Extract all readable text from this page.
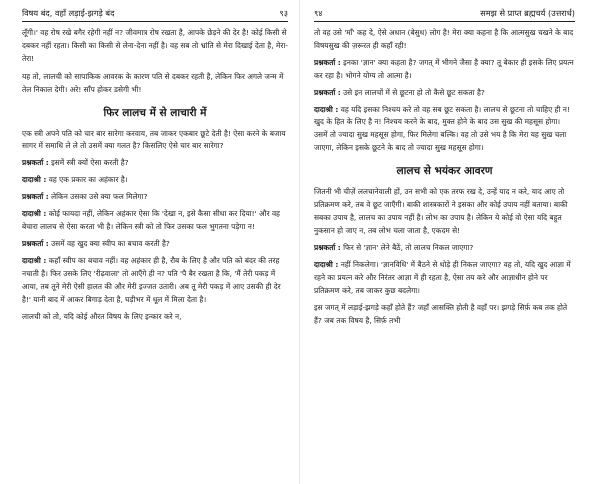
विषय बंद, वहाँ लड़ाई-झगड़े बंद	९३

लूँगी।' वह रोष रखे बगैर रहेगी नहीं न? जीवमात्र रोष रखता है, आपके छेड़ने की देर है! कोई किसी से दबकर नहीं रहता। किसी का किसी से लेना-देना नहीं है। वह सब तो भ्रांति से मेरा दिखाई देता है, मेरा-तेरा!

यह तो, लालची को सापाकिक आवरक के कारण पति से दबकर रहती है, लेकिन फिर अगले जन्म में तेल निकाल देगी। अरे! साँप होकर डसेगी भी!

फिर लालच में से लाचारी में

एक स्त्री अपने पति को चार बार सारेगा करवाय, तब जाकर एकबार छूटे देती है! ऐसा करने के बजाय सागर में समाधि ले ले तो उसमें क्या गलत है? किसलिए ऐसे चार बार सारेगा?

प्रश्नकर्ता : इसमें स्त्री क्यों ऐसा करती है?

दादाश्री : वह एक प्रकार का अहंकार है।

प्रश्नकर्ता : लेकिन उसका उसे क्या फल मिलेगा?

दादाश्री : कोई फायदा नहीं, लेकिन अहंकार ऐसा कि 'देखा न, इसे कैसा सीधा कर दिया!' और वह बेचारा लालच से ऐसा करता भी है। लेकिन स्त्री को तो फिर उसका फल भुगतना पड़ेगा न!

प्रश्नकर्ता : उसमें वह खुद क्या स्वीप का बचाव करती है?

दादाश्री : कहाँ स्वीप का बचाव नहीं। वह अहंकार ही है, रौब के लिए है और पति को बंदर की तरह नचाती है। फिर उसके लिए 'रीढ़वाला' तो आएँगे ही न? पति 'पै बैर रखता है कि, 'मैं तेरी पकड़ में आया, तब तूने मेरी ऐसी हालत की और मेरी इज्जत उतारी। अब तू मेरी पकड़ में आए उसकी ही देर है!' यानी बाद में आकर बिगाड़ देता है, घड़ीभर में धूल में मिला देता है।

लालची को तो, यदि कोई औरत विषय के लिए इन्कार करे न,

९४	समझ से प्राप्त ब्रह्मचर्य (उत्तरार्ध)

तो वह उसे 'माँ' कह दे, ऐसे अधान (बेसुध) लोग है! मेरा क्या कहना है कि आत्मसुख चखने के बाद विषयसुख की ज़रूरत ही कहाँ रही!

प्रश्नकर्ता : इनका 'ज्ञान' क्या कहता है? जगत् में भीगने जैसा है क्या? तू बेकार ही इसके लिए प्रयत्न कर रहा है। भोगने योग्य तो आत्मा है।

प्रश्नकर्ता : उसे इन लालचों में से छूटना हो तो कैसे छूट सकता है?

दादाश्री : वह यदि इसका निश्चय करे तो वह सब छूट सकता है। लालच से छूटना तो चाहिए ही न! खुद के हित के लिए है न! निश्चय करने के बाद, मुक्त होने के बाद उस सुख की महसूस होगा। उसमें तो ज्यादा सुख महसूस होगा, फिर मिलेगा बल्कि। वह तो उसे भय है कि मेरा यह सुख चला जाएगा, लेकिन इसके छूटने के बाद तो ज्यादा सुख महसूस होगा।

लालच से भयंकर आवरण

जितनी भी चीज़ें ललचानेवाली हों, उन सभी को एक तरफ रख दे, उन्हें याद न करे, याद आए तो प्रतिक्रमण करे, तब वे छूट जाएँगी। बाकी शास्त्रकारों ने इसका और कोई उपाय नहीं बताया। बाकी सबका उपाय है, लालच का उपाय नहीं है। लोभ का उपाय है। लेकिन ये कोई वो ऐसा यदि बहुत नुकसान हो जाए न, तब लोभ चला जाता है, एकदम से!

प्रश्नकर्ता : फिर से 'ज्ञान' लेने बैठें, तो लालच निकल जाएगा?

दादाश्री : नहीं निकलेगा। 'ज्ञानविधि' में बैठने से थोड़े ही निकल जाएगा? वह तो, यदि खुद आज्ञा में रहने का प्रयत्न करे और निरंतर आज्ञा में ही रहता है, ऐसा तय करे और आज्ञाधीन होने पर प्रतिक्रमण करे, तब जाकर कुछ बदलेगा।

इस जगत् में लड़ाई-झगड़े कहाँ होते हैं? जहाँ आसक्ति होती है वहाँ पर। झगड़े सिर्फ़ कब तक होते हैं? जब तक विषय है, सिर्फ़ तभी
